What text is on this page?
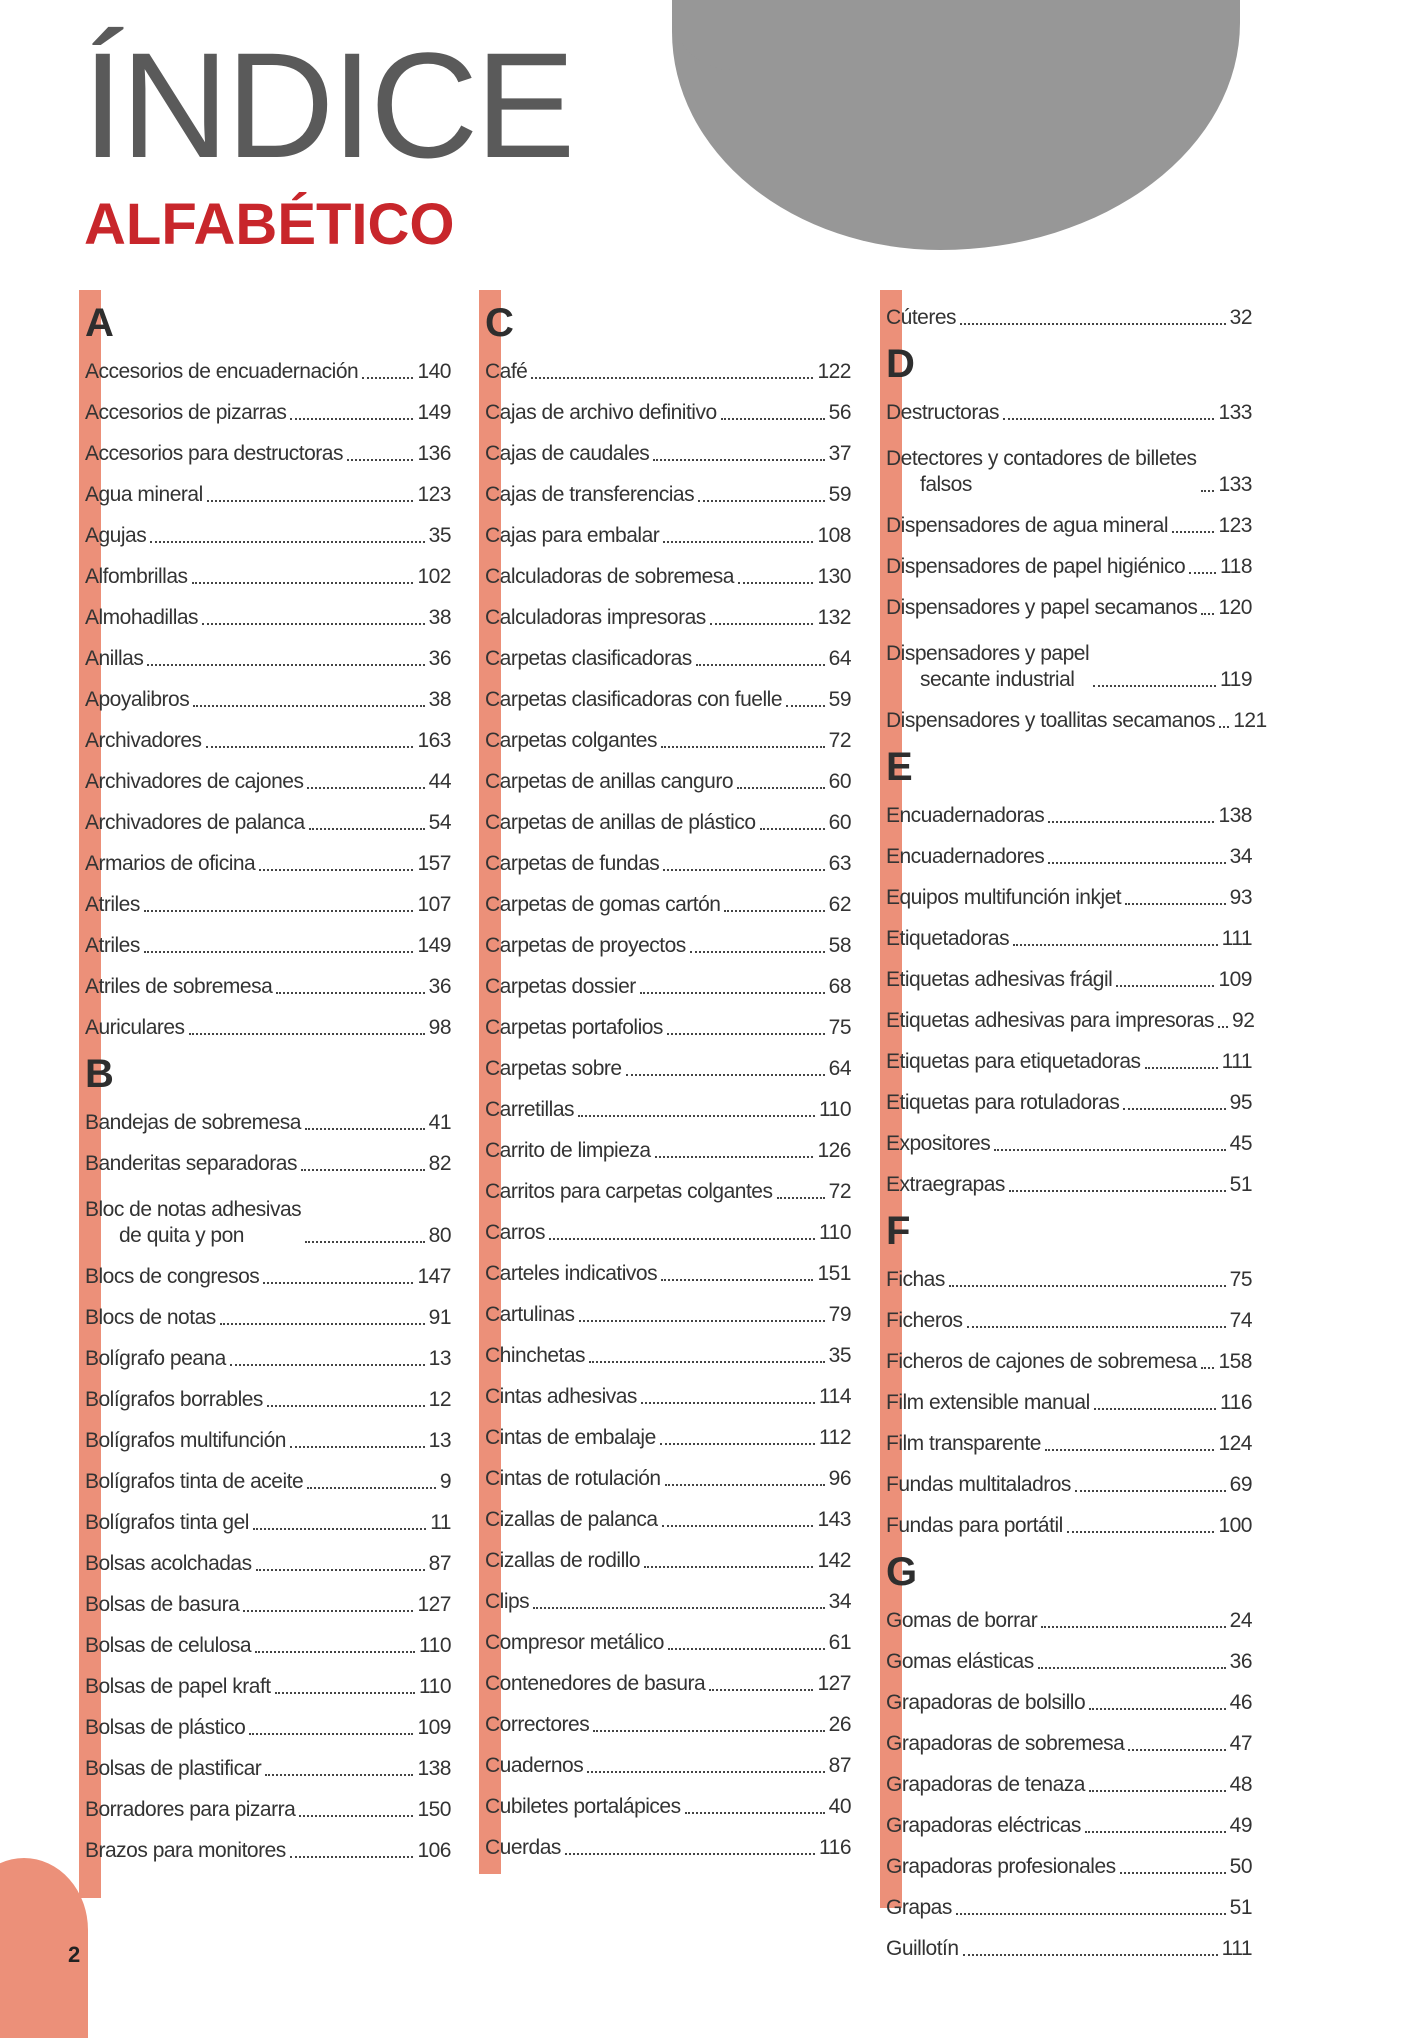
ÍNDICE
ALFABÉTICO
A
Accesorios de encuadernación	140
Accesorios de pizarras	149
Accesorios para destructoras	136
Agua mineral	123
Agujas	35
Alfombrillas	102
Almohadillas	38
Anillas	36
Apoyalibros	38
Archivadores	163
Archivadores de cajones	44
Archivadores de palanca	54
Armarios de oficina	157
Atriles	107
Atriles	149
Atriles de sobremesa	36
Auriculares	98
B
Bandejas de sobremesa	41
Banderitas separadoras	82
Bloc de notas adhesivas
de quita y pon	80
Blocs de congresos	147
Blocs de notas	91
Bolígrafo peana	13
Bolígrafos borrables	12
Bolígrafos multifunción	13
Bolígrafos tinta de aceite	9
Bolígrafos tinta gel	11
Bolsas acolchadas	87
Bolsas de basura	127
Bolsas de celulosa	110
Bolsas de papel kraft	110
Bolsas de plástico	109
Bolsas de plastificar	138
Borradores para pizarra	150
Brazos para monitores	106
C
Café	122
Cajas de archivo definitivo	56
Cajas de caudales	37
Cajas de transferencias	59
Cajas para embalar	108
Calculadoras de sobremesa	130
Calculadoras impresoras	132
Carpetas clasificadoras	64
Carpetas clasificadoras con fuelle 59
Carpetas colgantes	72
Carpetas de anillas canguro	60
Carpetas de anillas de plástico	60
Carpetas de fundas	63
Carpetas de gomas cartón	62
Carpetas de proyectos	58
Carpetas dossier	68
Carpetas portafolios	75
Carpetas sobre	64
Carretillas	110
Carrito de limpieza	126
Carritos para carpetas colgantes	72
Carros	110
Carteles indicativos	151
Cartulinas	79
Chinchetas	35
Cintas adhesivas	114
Cintas de embalaje	112
Cintas de rotulación	96
Cizallas de palanca	143
Cizallas de rodillo	142
Clips	34
Compresor metálico	61
Contenedores de basura	127
Correctores	26
Cuadernos	87
Cubiletes portalápices	40
Cuerdas	116
Cúteres	32
D
Destructoras	133
Detectores y contadores de billetes
falsos	133
Dispensadores de agua mineral 123
Dispensadores de papel higiénico 118
Dispensadores y papel secamanos 120
Dispensadores y papel
secante industrial	119
Dispensadores y toallitas secamanos 121
E
Encuadernadoras	138
Encuadernadores	34
Equipos multifunción inkjet	93
Etiquetadoras	111
Etiquetas adhesivas frágil	109
Etiquetas adhesivas para impresoras 92
Etiquetas para etiquetadoras	111
Etiquetas para rotuladoras	95
Expositores	45
Extraegrapas	51
F
Fichas	75
Ficheros	74
Ficheros de cajones de sobremesa 158
Film extensible manual	116
Film transparente	124
Fundas multitaladros	69
Fundas para portátil	100
G
Gomas de borrar	24
Gomas elásticas	36
Grapadoras de bolsillo	46
Grapadoras de sobremesa	47
Grapadoras de tenaza	48
Grapadoras eléctricas	49
Grapadoras profesionales	50
Grapas	51
Guillotín	111
2
